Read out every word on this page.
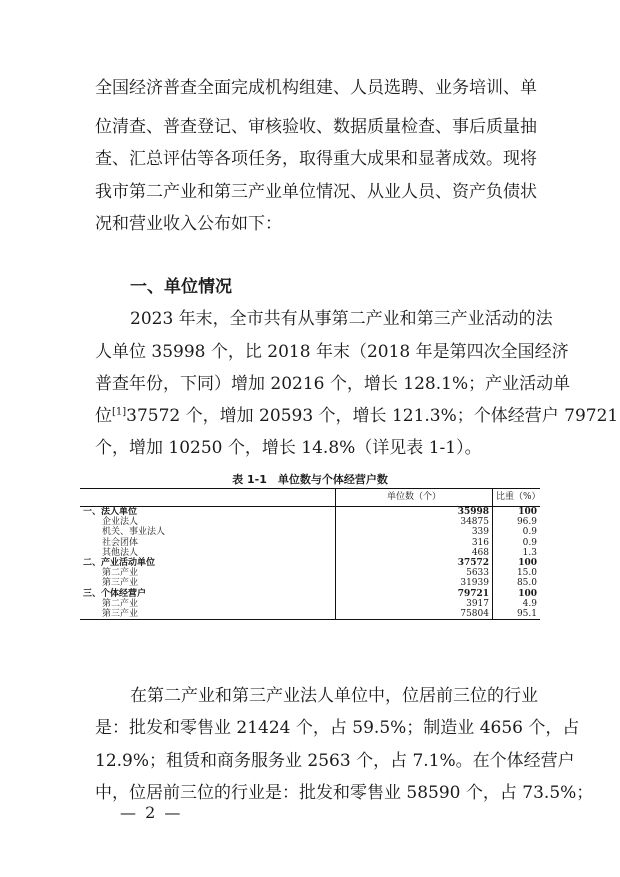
全国经济普查全面完成机构组建、人员选聘、业务培训、单
位清查、普查登记、审核验收、数据质量检查、事后质量抽
查、汇总评估等各项任务，取得重大成果和显著成效。现将
我市第二产业和第三产业单位情况、从业人员、资产负债状
况和营业收入公布如下：
一、单位情况
2023 年末，全市共有从事第二产业和第三产业活动的法
人单位 35998 个，比 2018 年末（2018 年是第四次全国经济
普查年份，下同）增加 20216 个，增长 128.1%；产业活动单
位[1]37572 个，增加 20593 个，增长 121.3%；个体经营户 79721
个，增加 10250 个，增长 14.8%（详见表 1-1）。
表 1-1　单位数与个体经营户数
	单位数（个）	比重（%）
一、法人单位	35998	100
企业法人	34875	96.9
机关、事业法人	339	0.9
社会团体	316	0.9
其他法人	468	1.3
二、产业活动单位	37572	100
第二产业	5633	15.0
第三产业	31939	85.0
三、个体经营户	79721	100
第二产业	3917	4.9
第三产业	75804	95.1
在第二产业和第三产业法人单位中，位居前三位的行业
是：批发和零售业 21424 个，占 59.5%；制造业 4656 个，占
12.9%；租赁和商务服务业 2563 个，占 7.1%。在个体经营户
中，位居前三位的行业是：批发和零售业 58590 个，占 73.5%；
— 2 —
